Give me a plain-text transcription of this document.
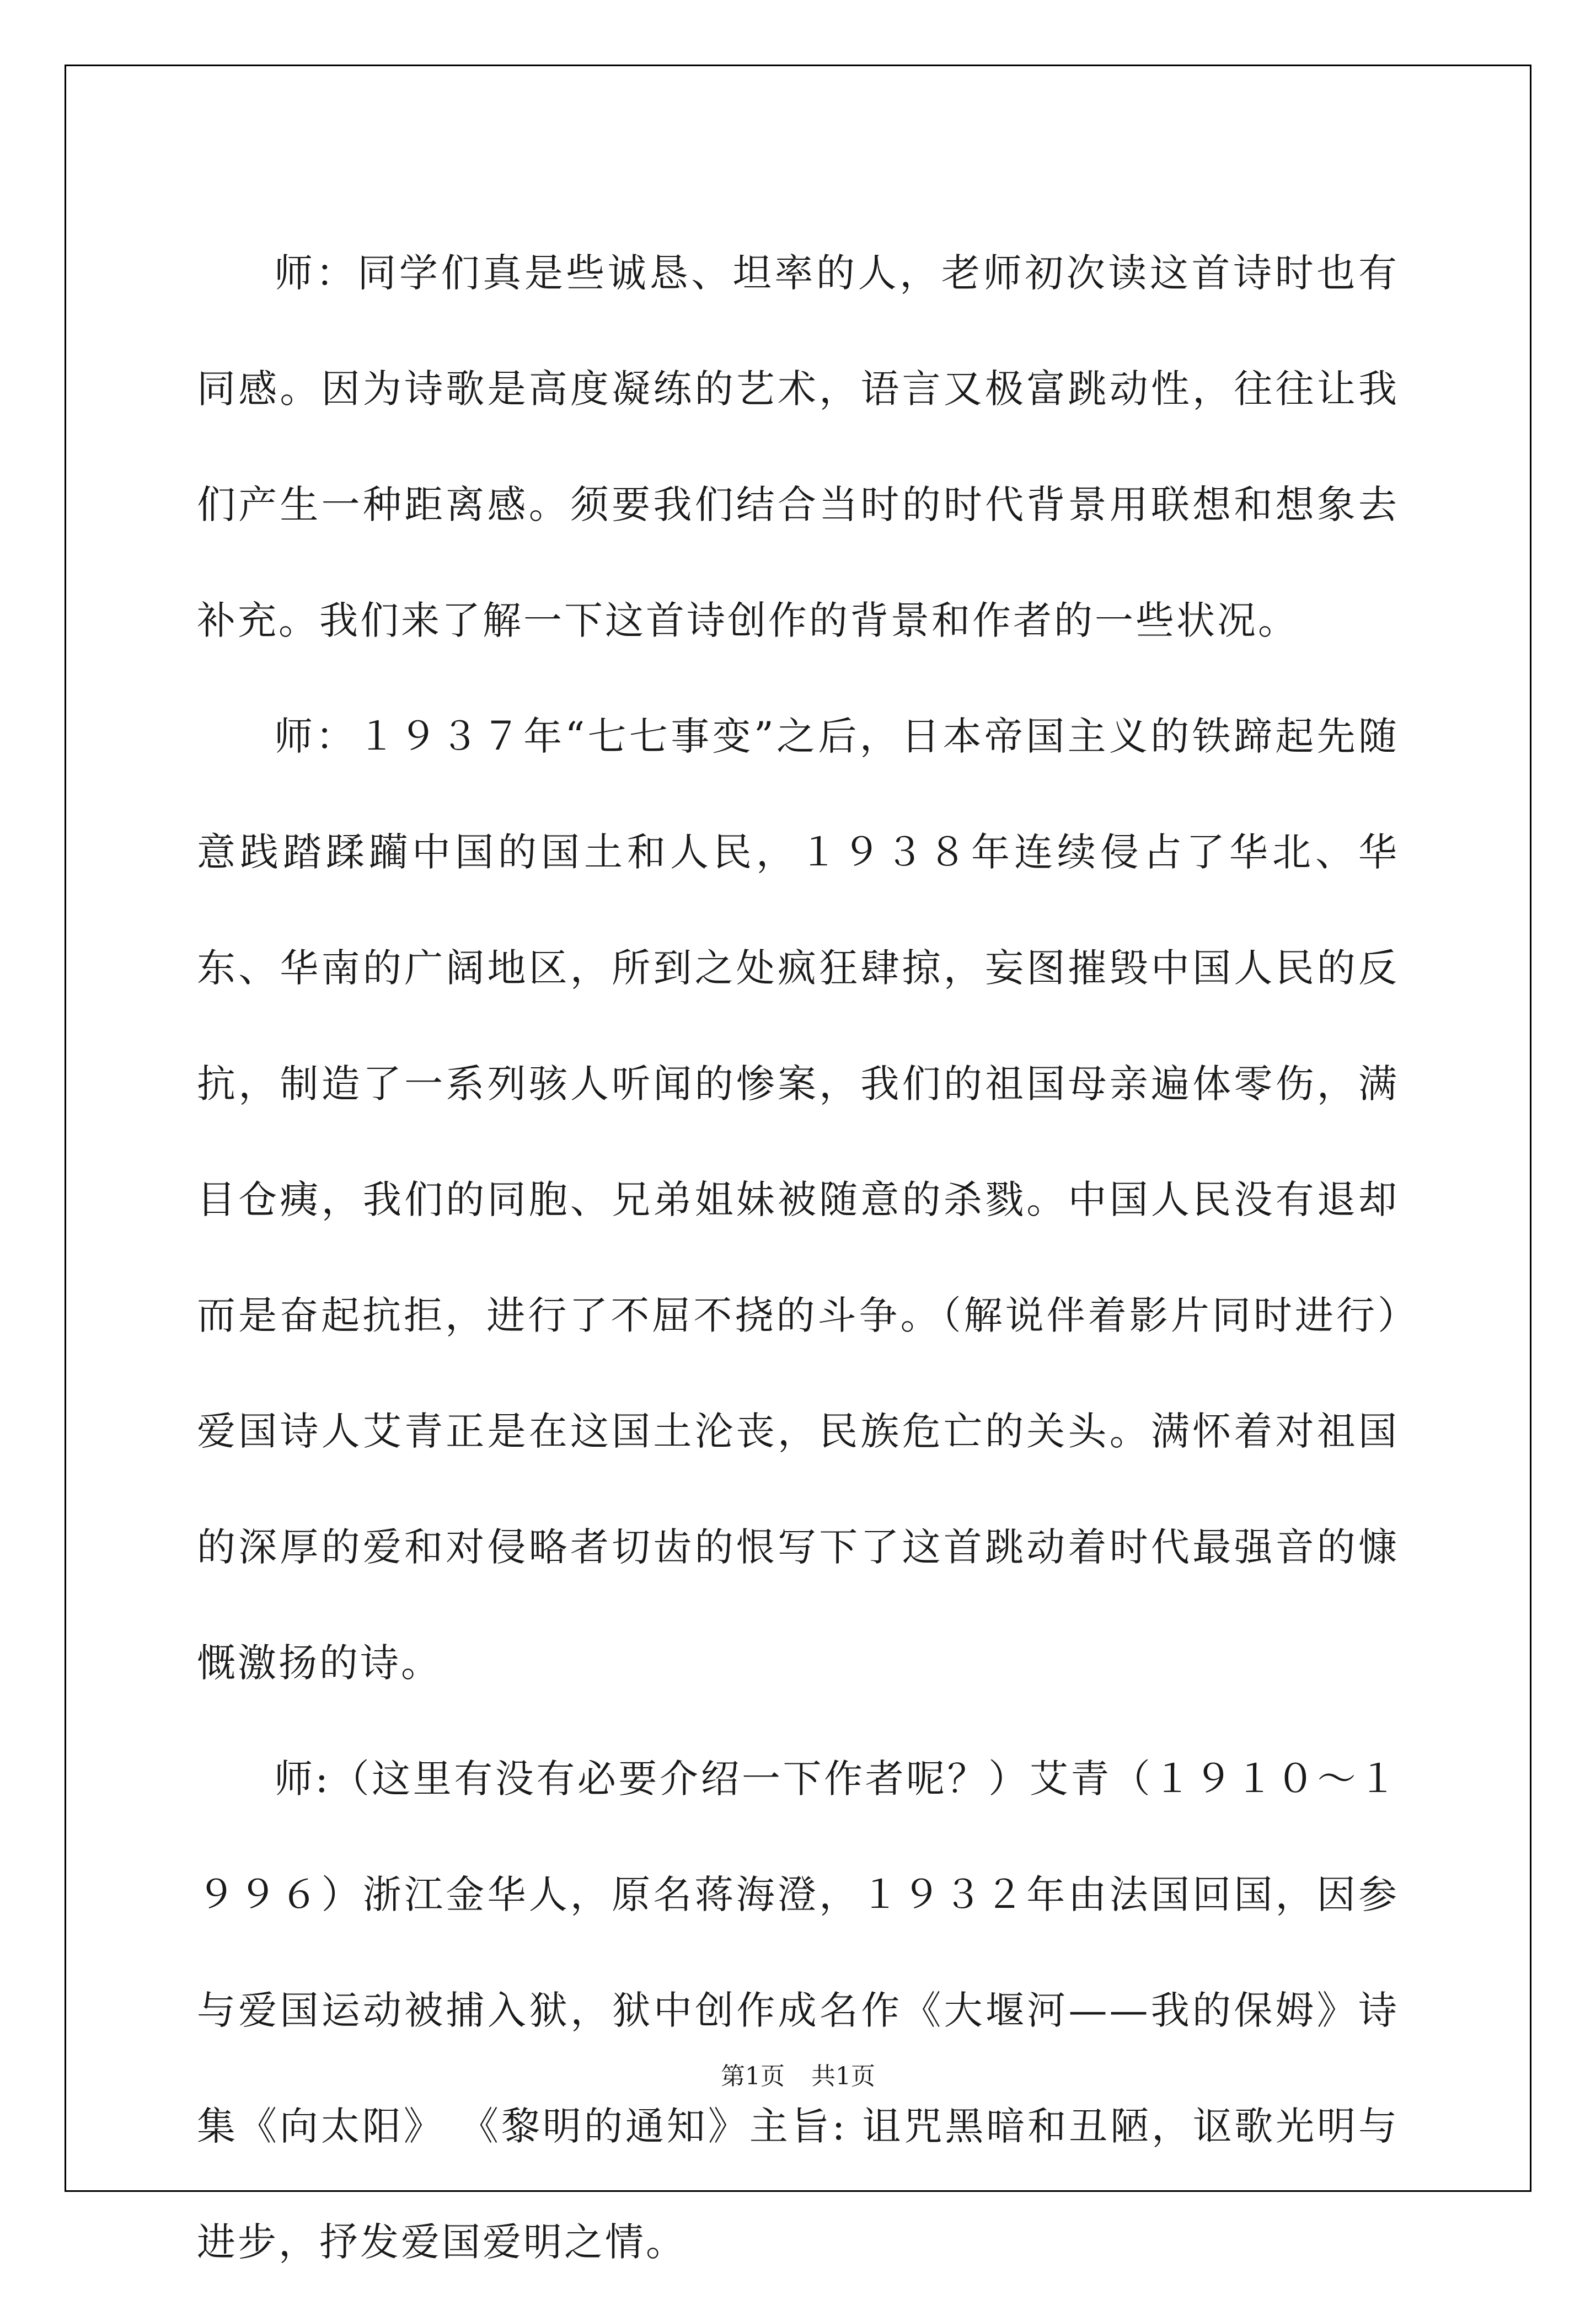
师：同学们真是些诚恳、坦率的人，老师初次读这首诗时也有同感。因为诗歌是高度凝练的艺术，语言又极富跳动性，往往让我们产生一种距离感。须要我们结合当时的时代背景用联想和想象去补充。我们来了解一下这首诗创作的背景和作者的一些状况。

师：１９３７年“七七事变”之后，日本帝国主义的铁蹄起先随意践踏蹂躏中国的国土和人民，１９３８年连续侵占了华北、华东、华南的广阔地区，所到之处疯狂肆掠，妄图摧毁中国人民的反抗，制造了一系列骇人听闻的惨案，我们的祖国母亲遍体零伤，满目仓痍，我们的同胞、兄弟姐妹被随意的杀戮。中国人民没有退却而是奋起抗拒，进行了不屈不挠的斗争。（解说伴着影片同时进行）爱国诗人艾青正是在这国土沦丧，民族危亡的关头。满怀着对祖国的深厚的爱和对侵略者切齿的恨写下了这首跳动着时代最强音的慷慨激扬的诗。

师:（这里有没有必要介绍一下作者呢？）艾青（１９１０～１９９６）浙江金华人，原名蒋海澄，１９３２年由法国回国，因参与爱国运动被捕入狱，狱中创作成名作《大堰河——我的保姆》诗集《向太阳》 《黎明的通知》主旨: 诅咒黑暗和丑陋，讴歌光明与进步，抒发爱国爱明之情。

第1页 共1页
